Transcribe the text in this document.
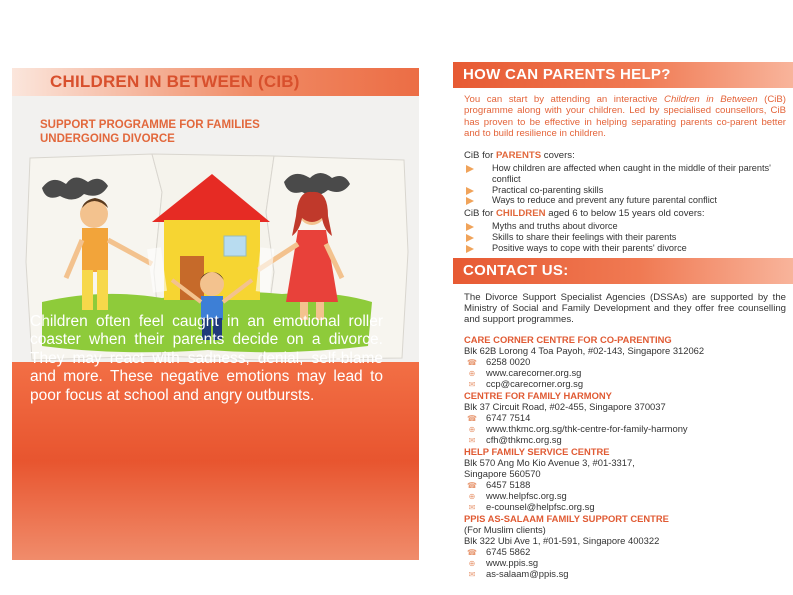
CHILDREN IN BETWEEN (CIB)
SUPPORT PROGRAMME FOR FAMILIES
UNDERGOING DIVORCE
Children often feel caught in an emotional roller coaster when their parents decide on a divorce. They may react with sadness, denial, self-blame and more. These negative emotions may lead to poor focus at school and angry outbursts.
HOW CAN PARENTS HELP?
You can start by attending an interactive Children in Between (CiB) programme along with your children. Led by specialised counsellors, CiB has proven to be effective in helping separating parents co-parent better and to build resilience in children.
CiB for PARENTS covers:
How children are affected when caught in the middle of their parents' conflict
Practical co-parenting skills
Ways to reduce and prevent any future parental conflict
CiB for CHILDREN aged 6 to below 15 years old covers:
Myths and truths about divorce
Skills to share their feelings with their parents
Positive ways to cope with their parents' divorce
CONTACT US:
The Divorce Support Specialist Agencies (DSSAs) are supported by the Ministry of Social and Family Development and they offer free counselling and support programmes.
CARE CORNER CENTRE FOR CO-PARENTING
Blk 62B Lorong 4 Toa Payoh, #02-143, Singapore 312062
☎ 6258 0020
⊕ www.carecorner.org.sg
✉ ccp@carecorner.org.sg
CENTRE FOR FAMILY HARMONY
Blk 37 Circuit Road, #02-455, Singapore 370037
☎ 6747 7514
⊕ www.thkmc.org.sg/thk-centre-for-family-harmony
✉ cfh@thkmc.org.sg
HELP FAMILY SERVICE CENTRE
Blk 570 Ang Mo Kio Avenue 3, #01-3317,
Singapore 560570
☎ 6457 5188
⊕ www.helpfsc.org.sg
✉ e-counsel@helpfsc.org.sg
PPIS AS-SALAAM FAMILY SUPPORT CENTRE
(For Muslim clients)
Blk 322 Ubi Ave 1, #01-591, Singapore 400322
☎ 6745 5862
⊕ www.ppis.sg
✉ as-salaam@ppis.sg
